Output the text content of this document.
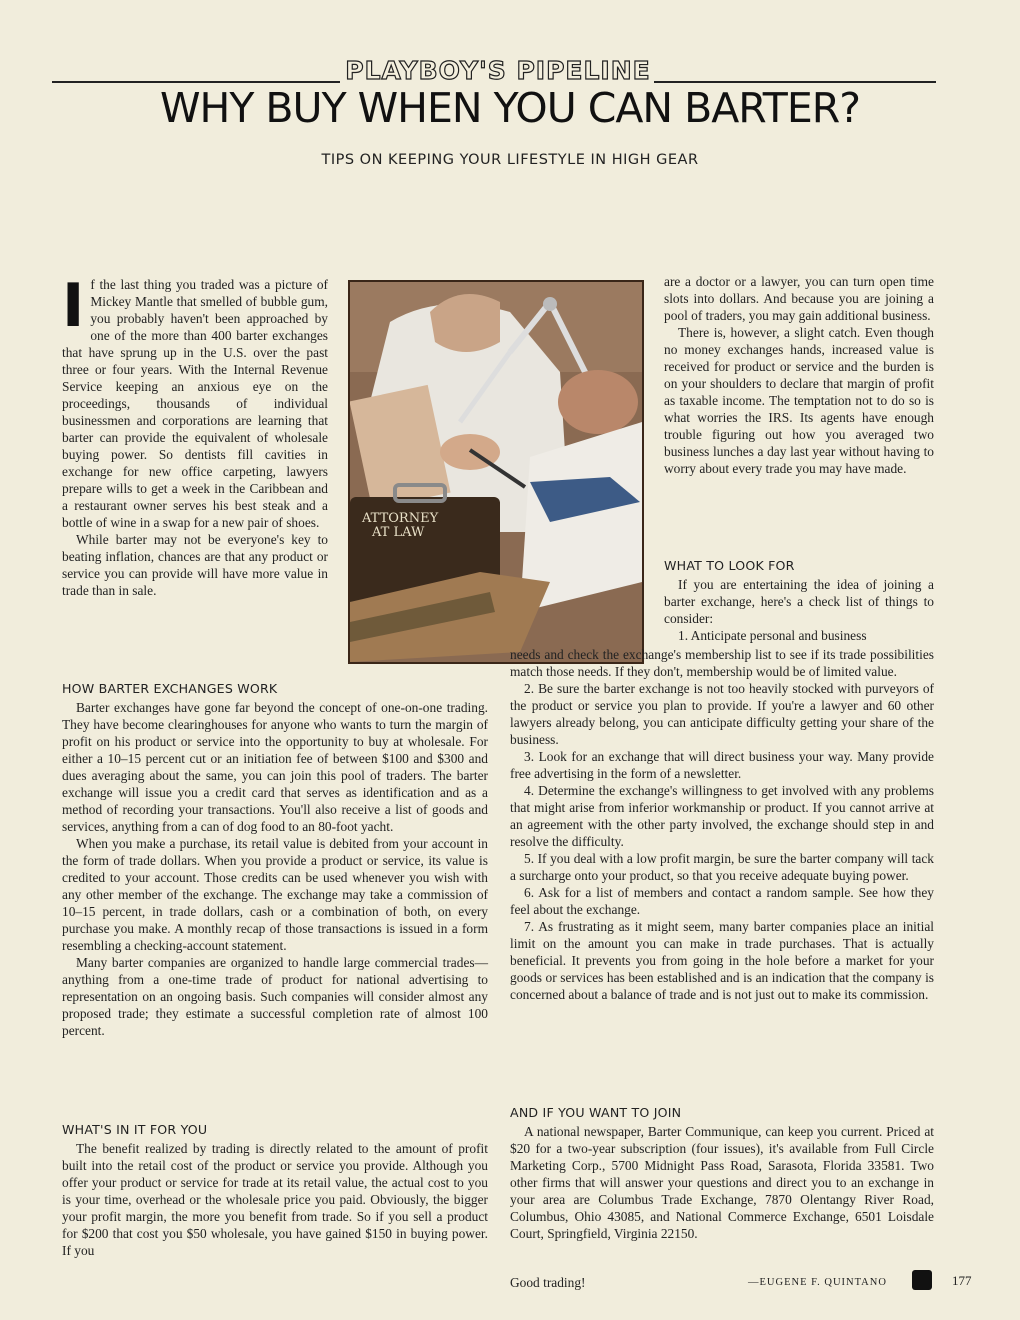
PLAYBOY'S PIPELINE
WHY BUY WHEN YOU CAN BARTER?
TIPS ON KEEPING YOUR LIFESTYLE IN HIGH GEAR

If the last thing you traded was a picture of Mickey Mantle that smelled of bubble gum, you probably haven't been approached by one of the more than 400 barter exchanges that have sprung up in the U.S. over the past three or four years. With the Internal Revenue Service keeping an anxious eye on the proceedings, thousands of individual businessmen and corporations are learning that barter can provide the equivalent of wholesale buying power. So dentists fill cavities in exchange for new office carpeting, lawyers prepare wills to get a week in the Caribbean and a restaurant owner serves his best steak and a bottle of wine in a swap for a new pair of shoes.

While barter may not be everyone's key to beating inflation, chances are that any product or service you can provide will have more value in trade than in sale.

ATTORNEY
AT LAW
HOW BARTER EXCHANGES WORK

Barter exchanges have gone far beyond the concept of one-on-one trading. They have become clearinghouses for anyone who wants to turn the margin of profit on his product or service into the opportunity to buy at wholesale. For either a 10–15 percent cut or an initiation fee of between $100 and $300 and dues averaging about the same, you can join this pool of traders. The barter exchange will issue you a credit card that serves as identification and as a method of recording your transactions. You'll also receive a list of goods and services, anything from a can of dog food to an 80-foot yacht.

When you make a purchase, its retail value is debited from your account in the form of trade dollars. When you provide a product or service, its value is credited to your account. Those credits can be used whenever you wish with any other member of the exchange. The exchange may take a commission of 10–15 percent, in trade dollars, cash or a combination of both, on every purchase you make. A monthly recap of those transactions is issued in a form resembling a checking-account statement.

Many barter companies are organized to handle large commercial trades—anything from a one-time trade of product for national advertising to representation on an ongoing basis. Such companies will consider almost any proposed trade; they estimate a successful completion rate of almost 100 percent.

WHAT'S IN IT FOR YOU

The benefit realized by trading is directly related to the amount of profit built into the retail cost of the product or service you provide. Although you offer your product or service for trade at its retail value, the actual cost to you is your time, overhead or the wholesale price you paid. Obviously, the bigger your profit margin, the more you benefit from trade. So if you sell a product for $200 that cost you $50 wholesale, you have gained $150 in buying power. If you

are a doctor or a lawyer, you can turn open time slots into dollars. And because you are joining a pool of traders, you may gain additional business.

There is, however, a slight catch. Even though no money exchanges hands, increased value is received for product or service and the burden is on your shoulders to declare that margin of profit as taxable income. The temptation not to do so is what worries the IRS. Its agents have enough trouble figuring out how you averaged two business lunches a day last year without having to worry about every trade you may have made.

WHAT TO LOOK FOR

If you are entertaining the idea of joining a barter exchange, here's a check list of things to consider:

1. Anticipate personal and business

needs and check the exchange's membership list to see if its trade possibilities match those needs. If they don't, membership would be of limited value.

2. Be sure the barter exchange is not too heavily stocked with purveyors of the product or service you plan to provide. If you're a lawyer and 60 other lawyers already belong, you can anticipate difficulty getting your share of the business.

3. Look for an exchange that will direct business your way. Many provide free advertising in the form of a newsletter.

4. Determine the exchange's willingness to get involved with any problems that might arise from inferior workmanship or product. If you cannot arrive at an agreement with the other party involved, the exchange should step in and resolve the difficulty.

5. If you deal with a low profit margin, be sure the barter company will tack a surcharge onto your product, so that you receive adequate buying power.

6. Ask for a list of members and contact a random sample. See how they feel about the exchange.

7. As frustrating as it might seem, many barter companies place an initial limit on the amount you can make in trade purchases. That is actually beneficial. It prevents you from going in the hole before a market for your goods or services has been established and is an indication that the company is concerned about a balance of trade and is not just out to make its commission.

AND IF YOU WANT TO JOIN

A national newspaper, Barter Communique, can keep you current. Priced at $20 for a two-year subscription (four issues), it's available from Full Circle Marketing Corp., 5700 Midnight Pass Road, Sarasota, Florida 33581. Two other firms that will answer your questions and direct you to an exchange in your area are Columbus Trade Exchange, 7870 Olentangy River Road, Columbus, Ohio 43085, and National Commerce Exchange, 6501 Loisdale Court, Springfield, Virginia 22150.

Good trading!	—EUGENE F. QUINTANO	177
